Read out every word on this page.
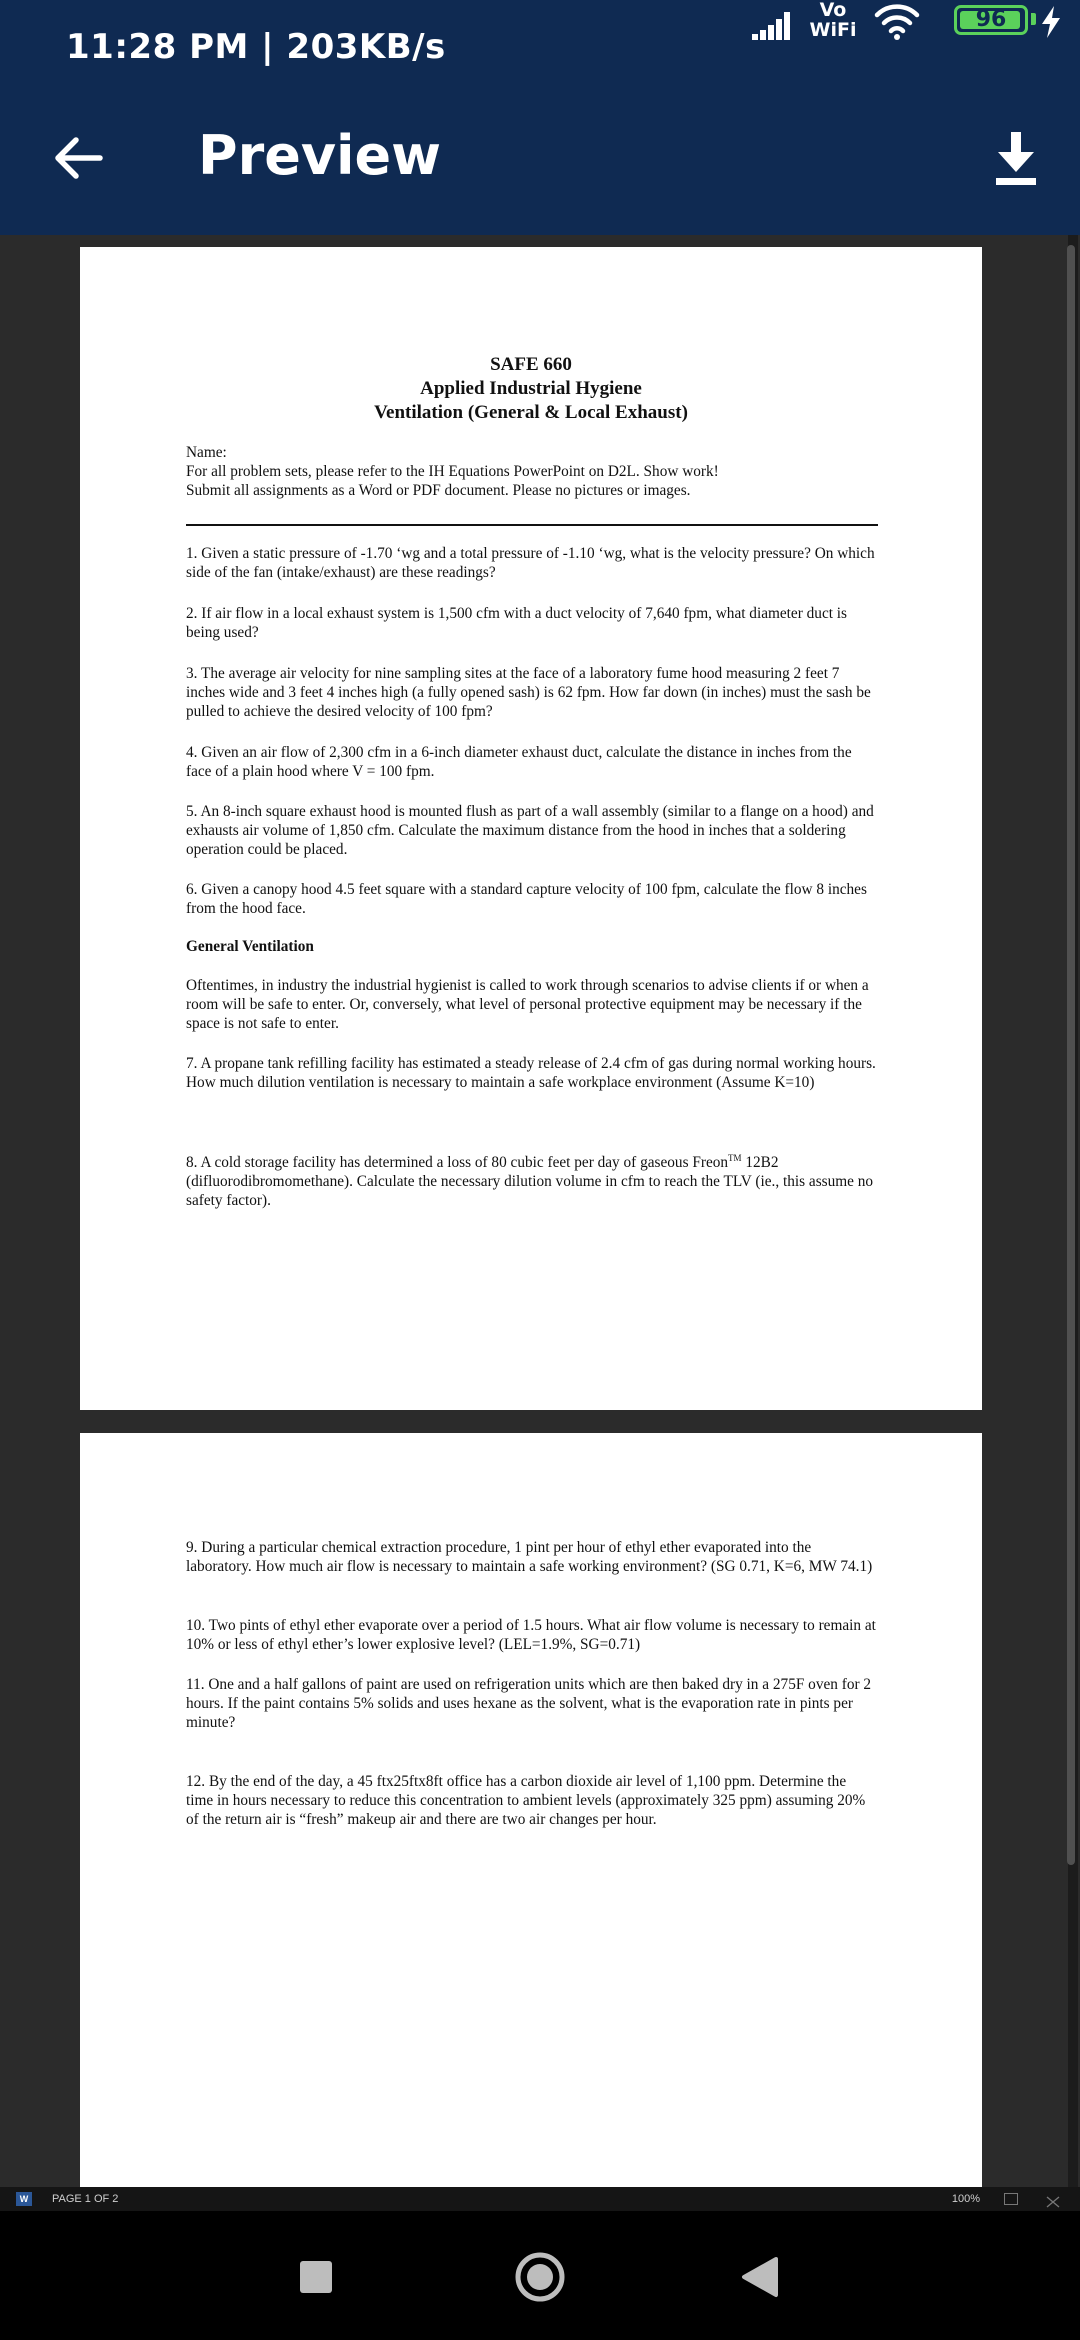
11:28 PM | 203KB/s
Vo
WiFi	96
Preview
SAFE 660
Applied Industrial Hygiene
Ventilation (General & Local Exhaust)

Name:

For all problem sets, please refer to the IH Equations PowerPoint on D2L. Show work!

Submit all assignments as a Word or PDF document. Please no pictures or images.

1. Given a static pressure of -1.70 ‘wg and a total pressure of -1.10 ‘wg, what is the velocity pressure? On which side of the fan (intake/exhaust) are these readings?
2. If air flow in a local exhaust system is 1,500 cfm with a duct velocity of 7,640 fpm, what diameter duct is being used?
3. The average air velocity for nine sampling sites at the face of a laboratory fume hood measuring 2 feet 7 inches wide and 3 feet 4 inches high (a fully opened sash) is 62 fpm. How far down (in inches) must the sash be pulled to achieve the desired velocity of 100 fpm?
4. Given an air flow of 2,300 cfm in a 6-inch diameter exhaust duct, calculate the distance in inches from the face of a plain hood where V = 100 fpm.
5. An 8-inch square exhaust hood is mounted flush as part of a wall assembly (similar to a flange on a hood) and exhausts air volume of 1,850 cfm. Calculate the maximum distance from the hood in inches that a soldering operation could be placed.
6. Given a canopy hood 4.5 feet square with a standard capture velocity of 100 fpm, calculate the flow 8 inches from the hood face.
General Ventilation
Oftentimes, in industry the industrial hygienist is called to work through scenarios to advise clients if or when a room will be safe to enter. Or, conversely, what level of personal protective equipment may be necessary if the space is not safe to enter.
7. A propane tank refilling facility has estimated a steady release of 2.4 cfm of gas during normal working hours. How much dilution ventilation is necessary to maintain a safe workplace environment (Assume K=10)
8. A cold storage facility has determined a loss of 80 cubic feet per day of gaseous Freon™ 12B2 (difluorodibromomethane). Calculate the necessary dilution volume in cfm to reach the TLV (ie., this assume no safety factor).
9. During a particular chemical extraction procedure, 1 pint per hour of ethyl ether evaporated into the laboratory. How much air flow is necessary to maintain a safe working environment? (SG 0.71, K=6, MW 74.1)
10. Two pints of ethyl ether evaporate over a period of 1.5 hours. What air flow volume is necessary to remain at 10% or less of ethyl ether’s lower explosive level? (LEL=1.9%, SG=0.71)
11. One and a half gallons of paint are used on refrigeration units which are then baked dry in a 275F oven for 2 hours. If the paint contains 5% solids and uses hexane as the solvent, what is the evaporation rate in pints per minute?
12. By the end of the day, a 45 ftx25ftx8ft office has a carbon dioxide air level of 1,100 ppm. Determine the time in hours necessary to reduce this concentration to ambient levels (approximately 325 ppm) assuming 20% of the return air is “fresh” makeup air and there are two air changes per hour.
W	PAGE 1 OF 2	100%
